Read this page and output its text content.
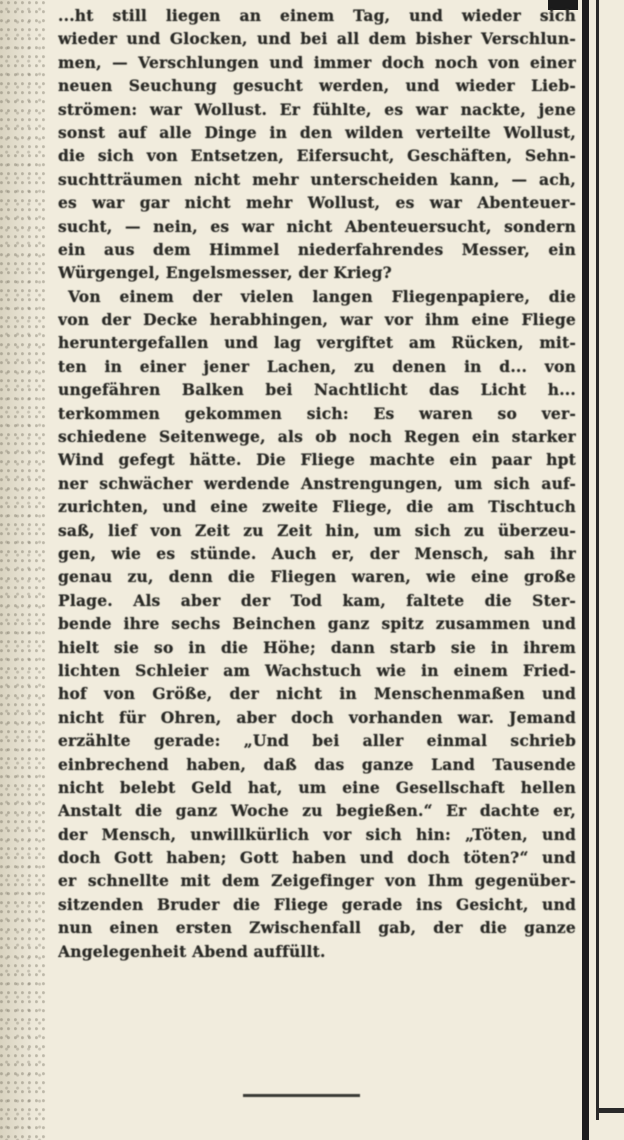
...ht still liegen an einem Tag, und wieder sich
wieder und Glocken, und bei all dem bisher Verschlun-
men, — Verschlungen und immer doch noch von einer
neuen Seuchung gesucht werden, und wieder Lieb-
strömen: war Wollust. Er fühlte, es war nackte, jene
sonst auf alle Dinge in den wilden verteilte Wollust,
die sich von Entsetzen, Eifersucht, Geschäften, Sehn-
suchtträumen nicht mehr unterscheiden kann, — ach,
es war gar nicht mehr Wollust, es war Abenteuer-
sucht, — nein, es war nicht Abenteuersucht, sondern
ein aus dem Himmel niederfahrendes Messer, ein
Würgengel, Engelsmesser, der Krieg?
Von einem der vielen langen Fliegenpapiere, die
von der Decke herabhingen, war vor ihm eine Fliege
heruntergefallen und lag vergiftet am Rücken, mit-
ten in einer jener Lachen, zu denen in d... von
ungefähren Balken bei Nachtlicht das Licht h...
terkommen gekommen sich: Es waren so ver-
schiedene Seitenwege, als ob noch Regen ein starker
Wind gefegt hätte. Die Fliege machte ein paar hpt
ner schwächer werdende Anstrengungen, um sich auf-
zurichten, und eine zweite Fliege, die am Tischtuch
saß, lief von Zeit zu Zeit hin, um sich zu überzeu-
gen, wie es stünde. Auch er, der Mensch, sah ihr
genau zu, denn die Fliegen waren, wie eine große
Plage. Als aber der Tod kam, faltete die Ster-
bende ihre sechs Beinchen ganz spitz zusammen und
hielt sie so in die Höhe; dann starb sie in ihrem
lichten Schleier am Wachstuch wie in einem Fried-
hof von Größe, der nicht in Menschenmaßen und
nicht für Ohren, aber doch vorhanden war. Jemand
erzählte gerade: „Und bei aller einmal schrieb
einbrechend haben, daß das ganze Land Tausende
nicht belebt Geld hat, um eine Gesellschaft hellen
Anstalt die ganz Woche zu begießen.“ Er dachte er,
der Mensch, unwillkürlich vor sich hin: „Töten, und
doch Gott haben; Gott haben und doch töten?“ und
er schnellte mit dem Zeigefinger von Ihm gegenüber-
sitzenden Bruder die Fliege gerade ins Gesicht, und
nun einen ersten Zwischenfall gab, der die ganze
Angelegenheit Abend auffüllt.
